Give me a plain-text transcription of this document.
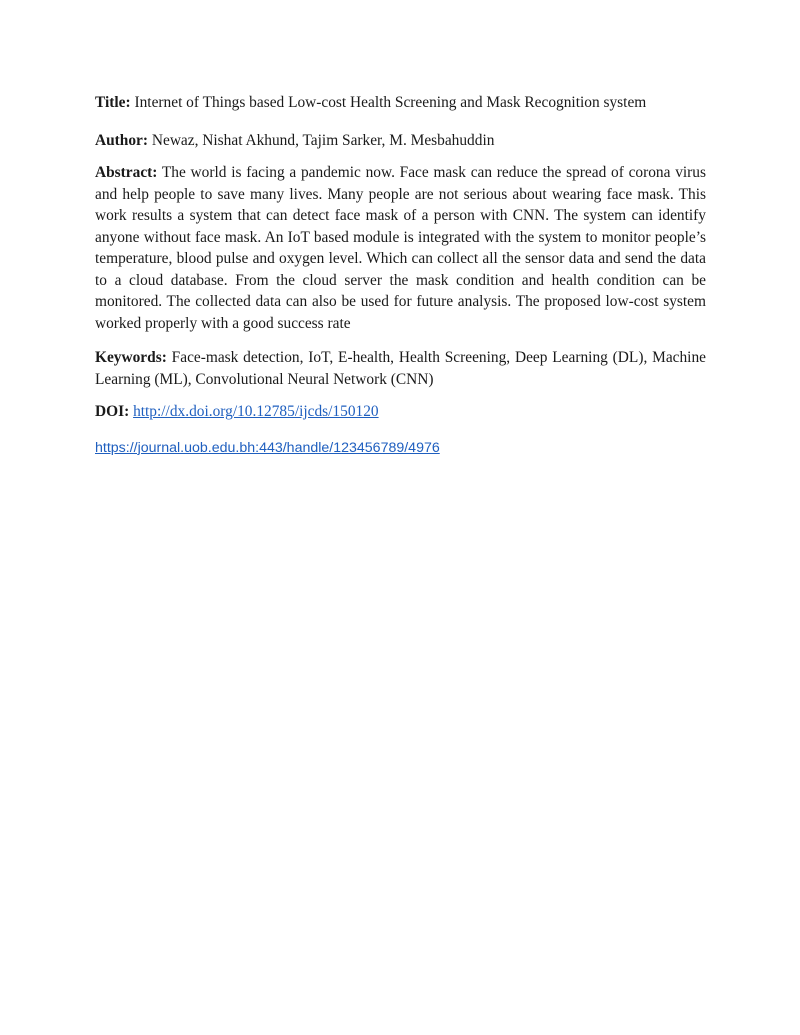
Title: Internet of Things based Low-cost Health Screening and Mask Recognition system

Author: Newaz, Nishat Akhund, Tajim Sarker, M. Mesbahuddin

Abstract: The world is facing a pandemic now. Face mask can reduce the spread of corona virus and help people to save many lives. Many people are not serious about wearing face mask. This work results a system that can detect face mask of a person with CNN. The system can identify anyone without face mask. An IoT based module is integrated with the system to monitor people’s temperature, blood pulse and oxygen level. Which can collect all the sensor data and send the data to a cloud database. From the cloud server the mask condition and health condition can be monitored. The collected data can also be used for future analysis. The proposed low-cost system worked properly with a good success rate

Keywords: Face-mask detection, IoT, E-health, Health Screening, Deep Learning (DL), Machine Learning (ML), Convolutional Neural Network (CNN)

DOI: http://dx.doi.org/10.12785/ijcds/150120

https://journal.uob.edu.bh:443/handle/123456789/4976
